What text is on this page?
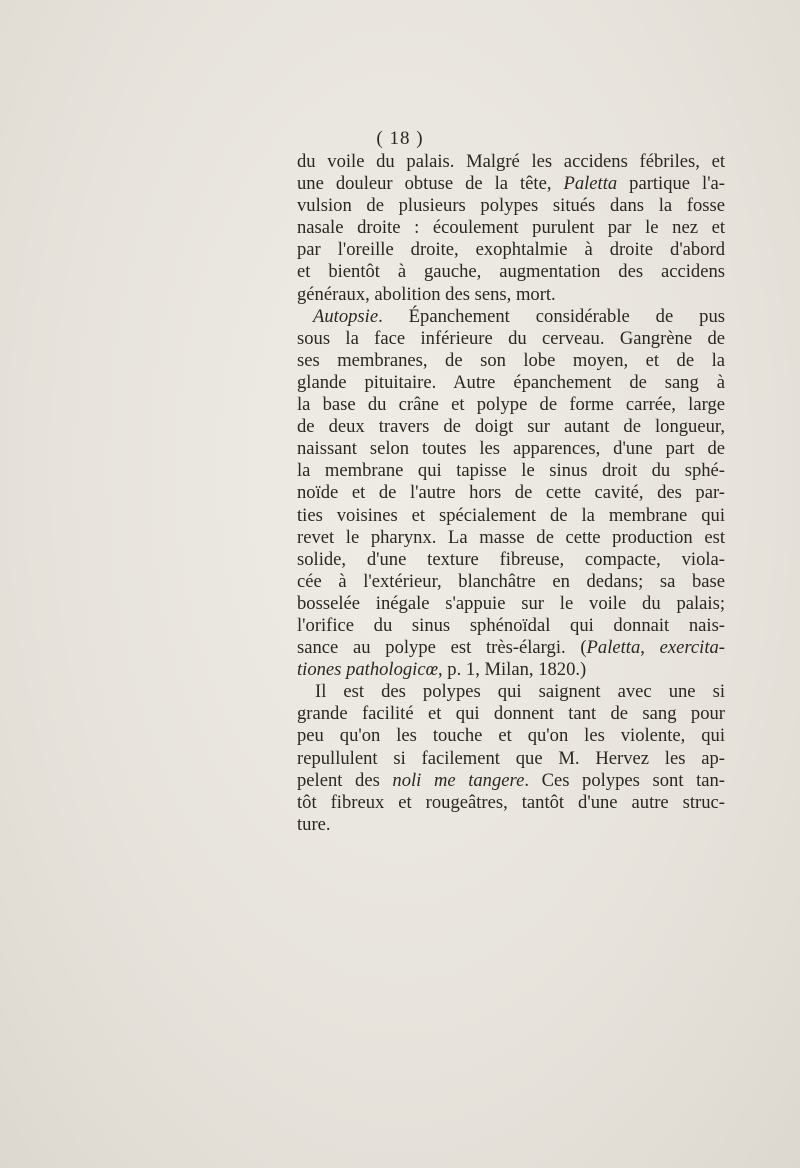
( 18 )
du voile du palais. Malgré les accidens fébriles, et
une douleur obtuse de la tête, Paletta partique l'a-
vulsion de plusieurs polypes situés dans la fosse
nasale droite : écoulement purulent par le nez et
par l'oreille droite, exophtalmie à droite d'abord
et bientôt à gauche, augmentation des accidens
généraux, abolition des sens, mort.
Autopsie. Épanchement considérable de pus
sous la face inférieure du cerveau. Gangrène de
ses membranes, de son lobe moyen, et de la
glande pituitaire. Autre épanchement de sang à
la base du crâne et polype de forme carrée, large
de deux travers de doigt sur autant de longueur,
naissant selon toutes les apparences, d'une part de
la membrane qui tapisse le sinus droit du sphé-
noïde et de l'autre hors de cette cavité, des par-
ties voisines et spécialement de la membrane qui
revet le pharynx. La masse de cette production est
solide, d'une texture fibreuse, compacte, viola-
cée à l'extérieur, blanchâtre en dedans; sa base
bosselée inégale s'appuie sur le voile du palais;
l'orifice du sinus sphénoïdal qui donnait nais-
sance au polype est très-élargi. (Paletta, exercita-
tiones pathologicœ, p. 1, Milan, 1820.)
Il est des polypes qui saignent avec une si
grande facilité et qui donnent tant de sang pour
peu qu'on les touche et qu'on les violente, qui
repullulent si facilement que M. Hervez les ap-
pelent des noli me tangere. Ces polypes sont tan-
tôt fibreux et rougeâtres, tantôt d'une autre struc-
ture.
